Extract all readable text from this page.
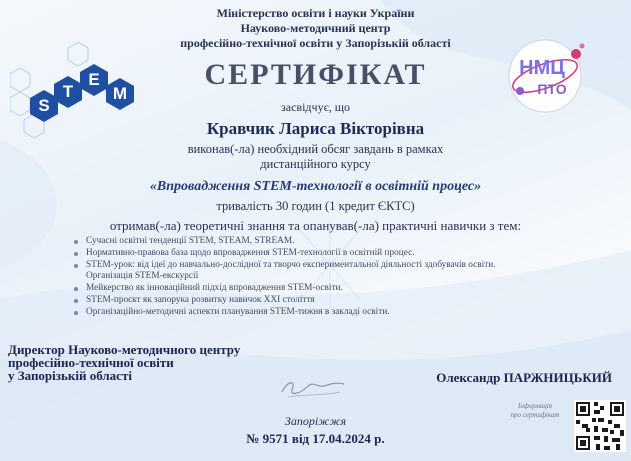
S
T
E
M
НМЦ
ПТО
Міністерство освіти і науки України
Науково-методичний центр
професійно-технічної освіти у Запорізькій області
СЕРТИФІКАТ
засвідчує, що
Кравчик Лариса Вікторівна
виконав(-ла) необхідний обсяг завдань в рамках
дистанційного курсу
«Впровадження STEM-технології в освітній процес»
тривалість 30 годин (1 кредит ЄКТС)
отримав(-ла) теоретичні знання та опанував(-ла) практичні навички з тем:
Сучасні освітні тенденції STEM, STEAM, STREAM.
Нормативно-правова база щодо впровадження STEM-технології в освітній процес.
STEM-урок: від ідеї до навчально-дослідної та творчо експериментальної діяльності здобувачів освіти. Організація STEM-екскурсії
Мейкерство як інноваційний підхід впровадження STEM-освіти.
STEM-проєкт як запорука розвитку навичок XXI століття
Організаційно-методичні аспекти планування STEM-тижня в закладі освіти.
Директор Науково-методичного центру
професійно-технічної освіти
у Запорізькій області	Олександр ПАРЖНИЦЬКИЙ
Запоріжжя
№ 9571 від 17.04.2024 р.
Інформація
про сертифікат
